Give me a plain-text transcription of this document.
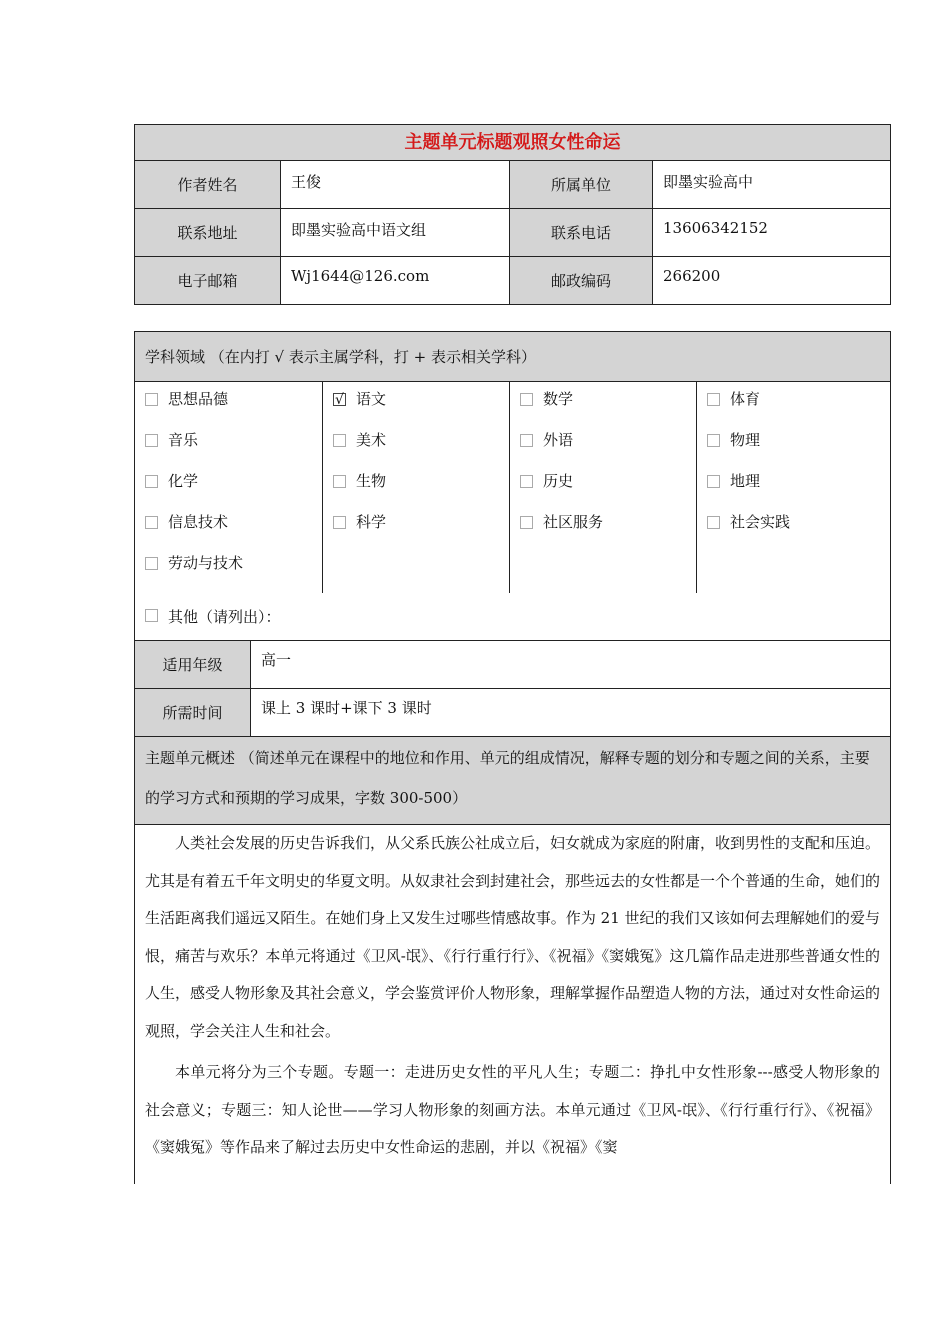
主题单元标题观照女性命运
作者姓名	王俊	所属单位	即墨实验高中
联系地址	即墨实验高中语文组	联系电话	13606342152
电子邮箱	Wj1644@126.com	邮政编码	266200
学科领域 （在内打 √ 表示主属学科，打 + 表示相关学科）
思想品德
音乐
化学
信息技术
劳动与技术
√语文
美术
生物
科学
数学
外语
历史
社区服务
体育
物理
地理
社会实践
其他（请列出）：
适用年级	高一
所需时间	课上 3 课时+课下 3 课时
主题单元概述 （简述单元在课程中的地位和作用、单元的组成情况，解释专题的划分和专题之间的关系，主要的学习方式和预期的学习成果，字数 300-500）

人类社会发展的历史告诉我们，从父系氏族公社成立后，妇女就成为家庭的附庸，收到男性的支配和压迫。尤其是有着五千年文明史的华夏文明。从奴隶社会到封建社会，那些远去的女性都是一个个普通的生命，她们的生活距离我们遥远又陌生。在她们身上又发生过哪些情感故事。作为 21 世纪的我们又该如何去理解她们的爱与恨，痛苦与欢乐？本单元将通过《卫风-氓》、《行行重行行》、《祝福》《窦娥冤》这几篇作品走进那些普通女性的人生，感受人物形象及其社会意义，学会鉴赏评价人物形象，理解掌握作品塑造人物的方法，通过对女性命运的观照，学会关注人生和社会。

本单元将分为三个专题。专题一：走进历史女性的平凡人生；专题二：挣扎中女性形象---感受人物形象的社会意义；专题三：知人论世——学习人物形象的刻画方法。本单元通过《卫风-氓》、《行行重行行》、《祝福》《窦娥冤》等作品来了解过去历史中女性命运的悲剧，并以《祝福》《窦
